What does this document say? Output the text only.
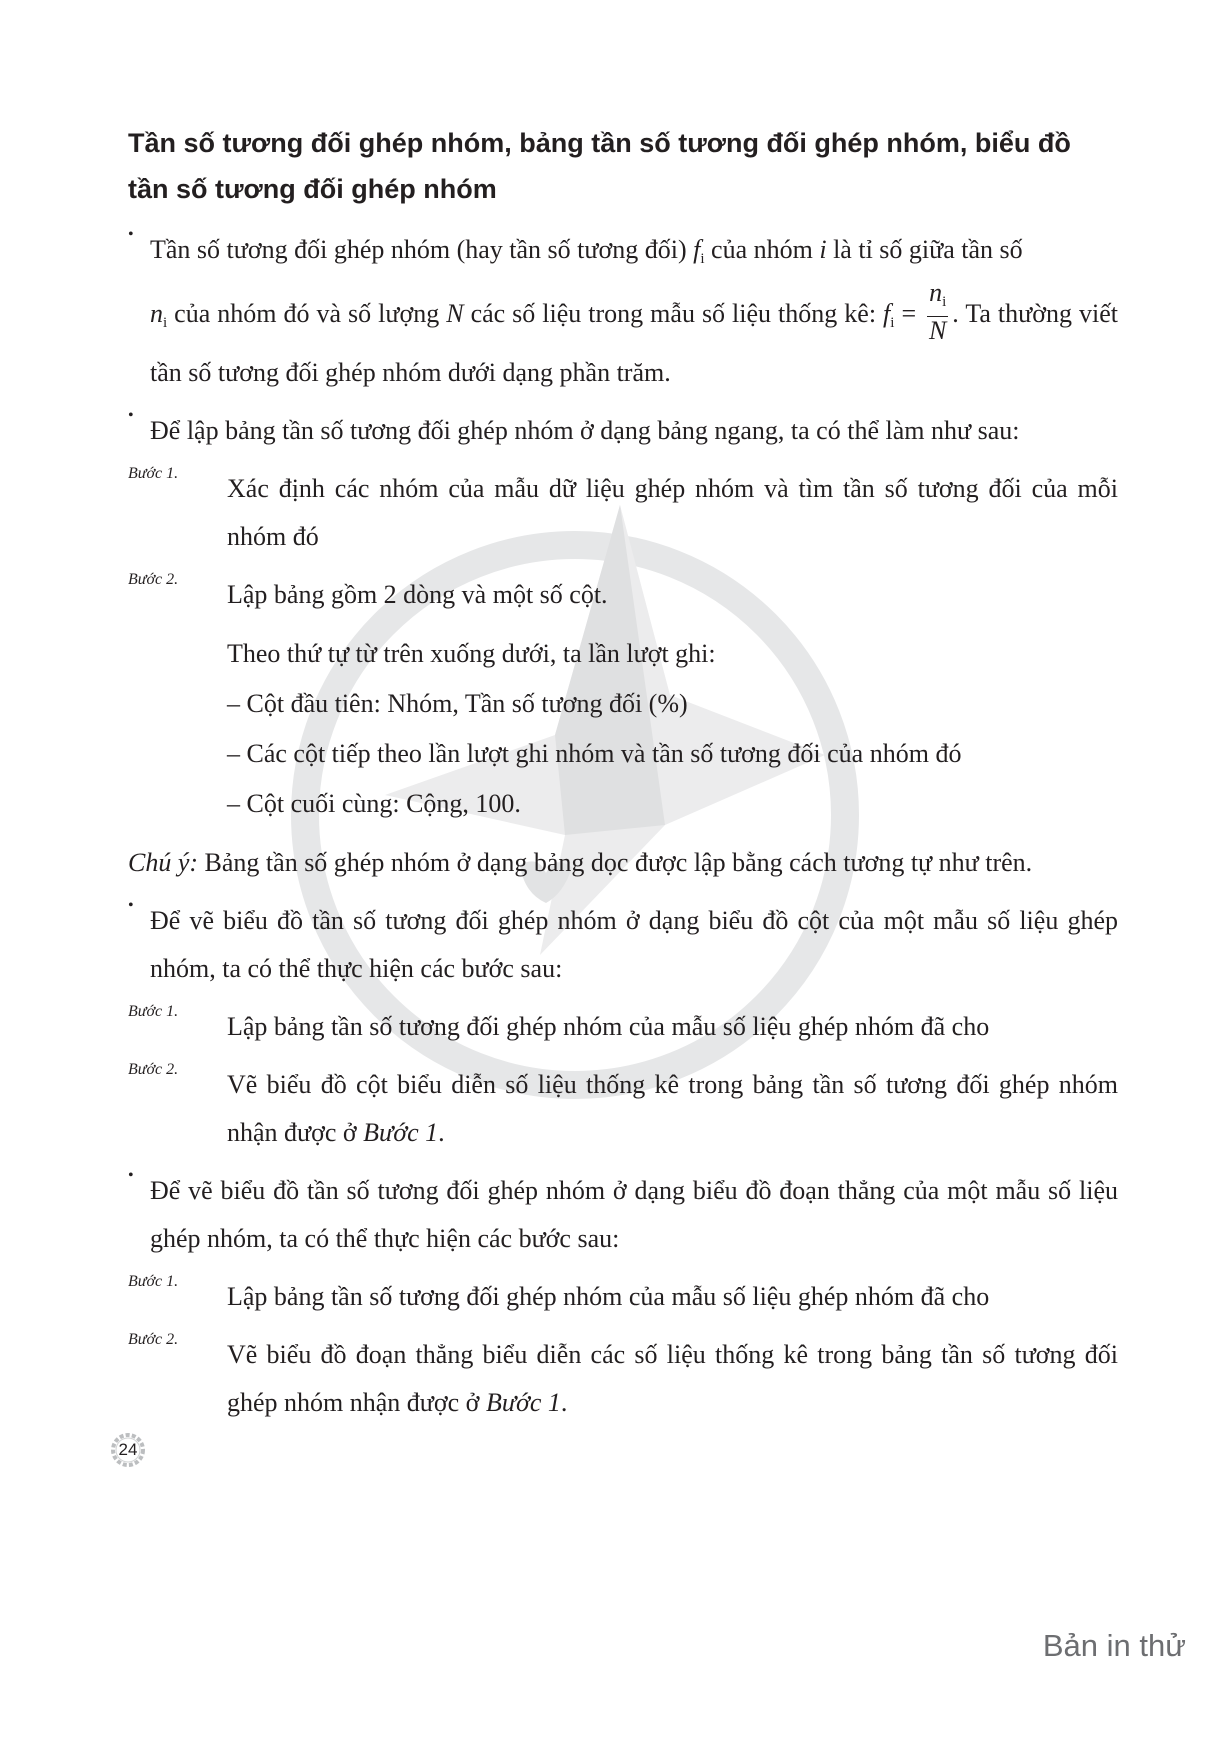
Tần số tương đối ghép nhóm, bảng tần số tương đối ghép nhóm, biểu đồ tần số tương đối ghép nhóm

• Tần số tương đối ghép nhóm (hay tần số tương đối) $f_i$ của nhóm i là tỉ số giữa tần số
$n_i$ của nhóm đó và số lượng N các số liệu trong mẫu số liệu thống kê: $f_i = \frac{n_i}{N}$ . Ta thường viết tần số tương đối ghép nhóm dưới dạng phần trăm.

• Để lập bảng tần số tương đối ghép nhóm ở dạng bảng ngang, ta có thể làm như sau:

Bước 1.

Xác định các nhóm của mẫu dữ liệu ghép nhóm và tìm tần số tương đối của mỗi nhóm đó

Bước 2.

Lập bảng gồm 2 dòng và một số cột.

Theo thứ tự từ trên xuống dưới, ta lần lượt ghi:

– Cột đầu tiên: Nhóm, Tần số tương đối (%)

– Các cột tiếp theo lần lượt ghi nhóm và tần số tương đối của nhóm đó

– Cột cuối cùng: Cộng, 100.

Chú ý: Bảng tần số ghép nhóm ở dạng bảng dọc được lập bằng cách tương tự như trên.

• Để vẽ biểu đồ tần số tương đối ghép nhóm ở dạng biểu đồ cột của một mẫu số liệu ghép nhóm, ta có thể thực hiện các bước sau:

Bước 1.

Lập bảng tần số tương đối ghép nhóm của mẫu số liệu ghép nhóm đã cho

Bước 2.

Vẽ biểu đồ cột biểu diễn số liệu thống kê trong bảng tần số tương đối ghép nhóm nhận được ở Bước 1.

• Để vẽ biểu đồ tần số tương đối ghép nhóm ở dạng biểu đồ đoạn thẳng của một mẫu số liệu ghép nhóm, ta có thể thực hiện các bước sau:

Bước 1.

Lập bảng tần số tương đối ghép nhóm của mẫu số liệu ghép nhóm đã cho

Bước 2.

Vẽ biểu đồ đoạn thẳng biểu diễn các số liệu thống kê trong bảng tần số tương đối ghép nhóm nhận được ở Bước 1.

24
Bản in thử
